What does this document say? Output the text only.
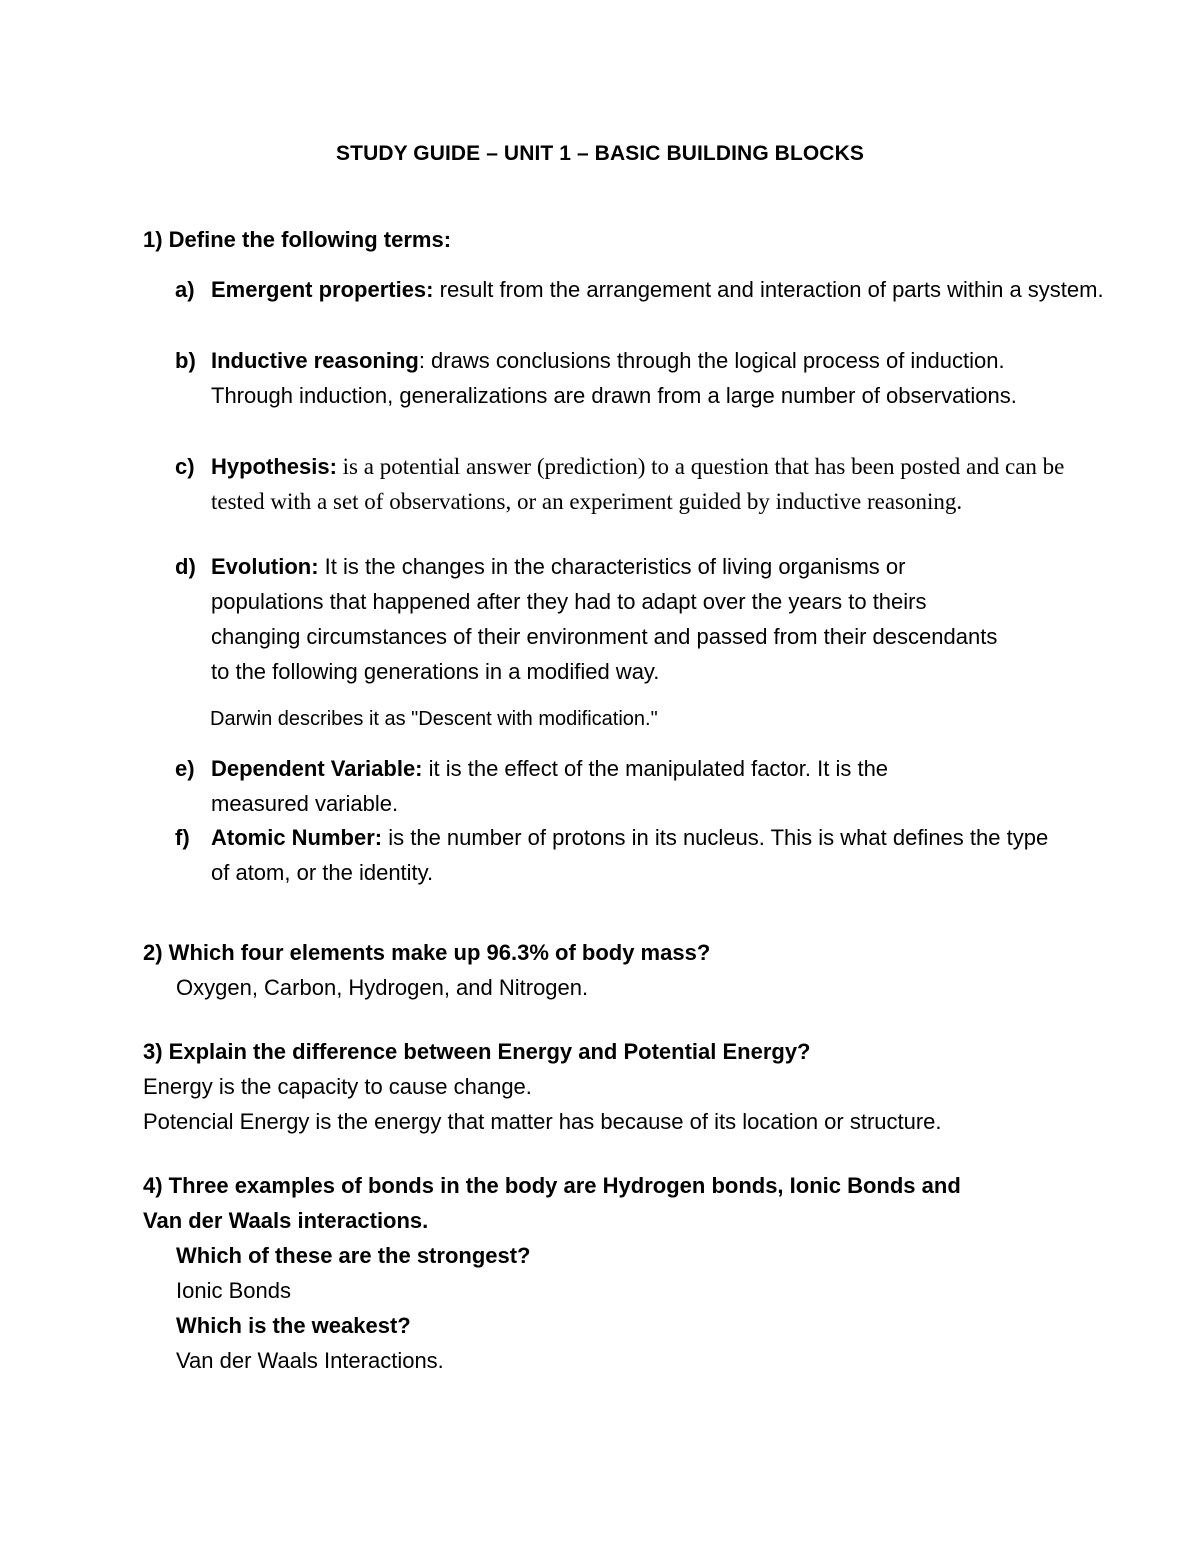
STUDY GUIDE – UNIT 1 – BASIC BUILDING BLOCKS
1) Define the following terms:
a) Emergent properties: result from the arrangement and interaction of parts within a system.
b) Inductive reasoning: draws conclusions through the logical process of induction. Through induction, generalizations are drawn from a large number of observations.
c) Hypothesis: is a potential answer (prediction) to a question that has been posted and can be tested with a set of observations, or an experiment guided by inductive reasoning.
d) Evolution: It is the changes in the characteristics of living organisms or populations that happened after they had to adapt over the years to theirs changing circumstances of their environment and passed from their descendants to the following generations in a modified way.
Darwin describes it as "Descent with modification."
e) Dependent Variable: it is the effect of the manipulated factor. It is the measured variable.
f) Atomic Number: is the number of protons in its nucleus. This is what defines the type of atom, or the identity.
2) Which four elements make up 96.3% of body mass?
Oxygen, Carbon, Hydrogen, and Nitrogen.
3) Explain the difference between Energy and Potential Energy?
Energy is the capacity to cause change.
Potencial Energy is the energy that matter has because of its location or structure.
4) Three examples of bonds in the body are Hydrogen bonds, Ionic Bonds and
Van der Waals interactions.
Which of these are the strongest?
Ionic Bonds
Which is the weakest?
Van der Waals Interactions.
